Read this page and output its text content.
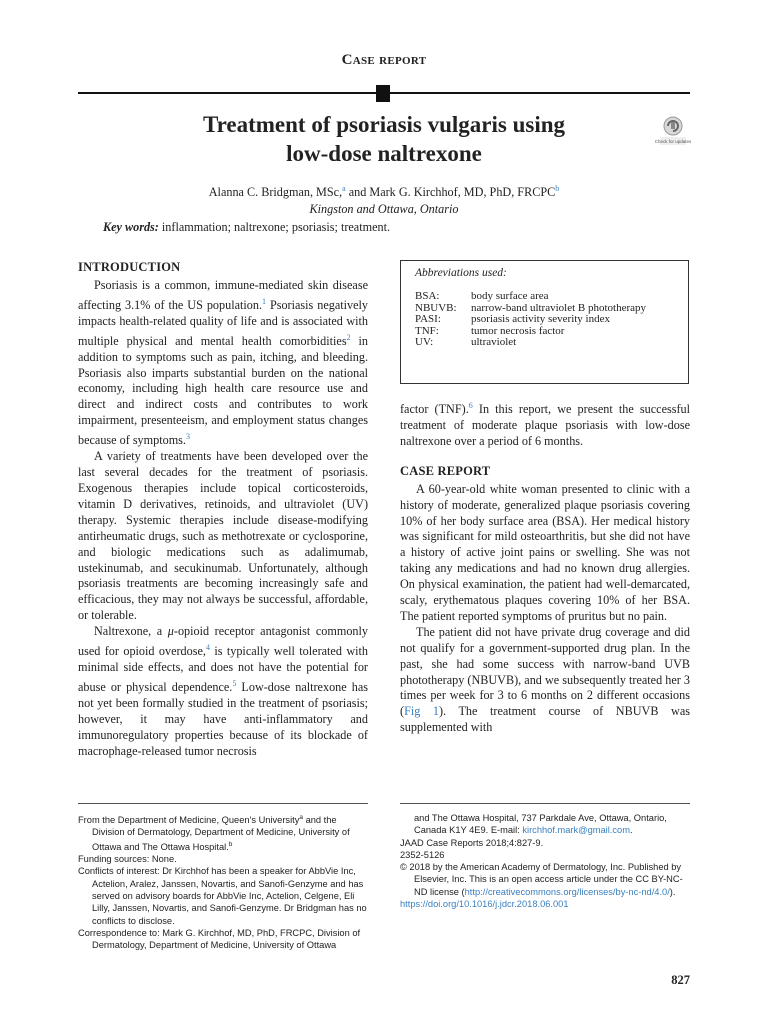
Case report
Treatment of psoriasis vulgaris using
low-dose naltrexone	Check for updates
Alanna C. Bridgman, MSc,$^a$ and Mark G. Kirchhof, MD, PhD, FRCPC$^b$
Kingston and Ottawa, Ontario
Key words: inflammation; naltrexone; psoriasis; treatment.
INTRODUCTION

Psoriasis is a common, immune-mediated skin disease affecting 3.1% of the US population.$^1$ Psoriasis negatively impacts health-related quality of life and is associated with multiple physical and mental health comorbidities$^2$ in addition to symptoms such as pain, itching, and bleeding. Psoriasis also imparts substantial burden on the national economy, including high health care resource use and direct and indirect costs and contributes to work impairment, presenteeism, and employment status changes because of symptoms.$^3$

A variety of treatments have been developed over the last several decades for the treatment of psoriasis. Exogenous therapies include topical corticosteroids, vitamin D derivatives, retinoids, and ultraviolet (UV) therapy. Systemic therapies include disease-modifying antirheumatic drugs, such as methotrexate or cyclosporine, and biologic medications such as adalimumab, ustekinumab, and secukinumab. Unfortunately, although psoriasis treatments are becoming increasingly safe and efficacious, they may not always be successful, affordable, or tolerable.

Naltrexone, a μ-opioid receptor antagonist commonly used for opioid overdose,$^4$ is typically well tolerated with minimal side effects, and does not have the potential for abuse or physical dependence.$^5$ Low-dose naltrexone has not yet been formally studied in the treatment of psoriasis; however, it may have anti-inflammatory and immunoregulatory properties because of its blockade of macrophage-released tumor necrosis

Abbreviations used:
BSA:	body surface area
NBUVB:	narrow-band ultraviolet B phototherapy
PASI:	psoriasis activity severity index
TNF:	tumor necrosis factor
UV:	ultraviolet

factor (TNF).$^6$ In this report, we present the successful treatment of moderate plaque psoriasis with low-dose naltrexone over a period of 6 months.

CASE REPORT

A 60-year-old white woman presented to clinic with a history of moderate, generalized plaque psoriasis covering 10% of her body surface area (BSA). Her medical history was significant for mild osteoarthritis, but she did not have a history of active joint pains or swelling. She was not taking any medications and had no known drug allergies. On physical examination, the patient had well-demarcated, scaly, erythematous plaques covering 10% of her BSA. The patient reported symptoms of pruritus but no pain.

The patient did not have private drug coverage and did not qualify for a government-supported drug plan. In the past, she had some success with narrow-band UVB phototherapy (NBUVB), and we subsequently treated her 3 times per week for 3 to 6 months on 2 different occasions (Fig 1). The treatment course of NBUVB was supplemented with

From the Department of Medicine, Queen's University$^a$ and the Division of Dermatology, Department of Medicine, University of Ottawa and The Ottawa Hospital.$^b$

Funding sources: None.

Conflicts of interest: Dr Kirchhof has been a speaker for AbbVie Inc, Actelion, Aralez, Janssen, Novartis, and Sanofi-Genzyme and has served on advisory boards for AbbVie Inc, Actelion, Celgene, Eli Lilly, Janssen, Novartis, and Sanofi-Genzyme. Dr Bridgman has no conflicts to disclose.

Correspondence to: Mark G. Kirchhof, MD, PhD, FRCPC, Division of Dermatology, Department of Medicine, University of Ottawa

and The Ottawa Hospital, 737 Parkdale Ave, Ottawa, Ontario, Canada K1Y 4E9. E-mail: kirchhof.mark@gmail.com.

JAAD Case Reports 2018;4:827-9.

2352-5126

© 2018 by the American Academy of Dermatology, Inc. Published by Elsevier, Inc. This is an open access article under the CC BY-NC-ND license (http://creativecommons.org/licenses/by-nc-nd/4.0/).

https://doi.org/10.1016/j.jdcr.2018.06.001

827
